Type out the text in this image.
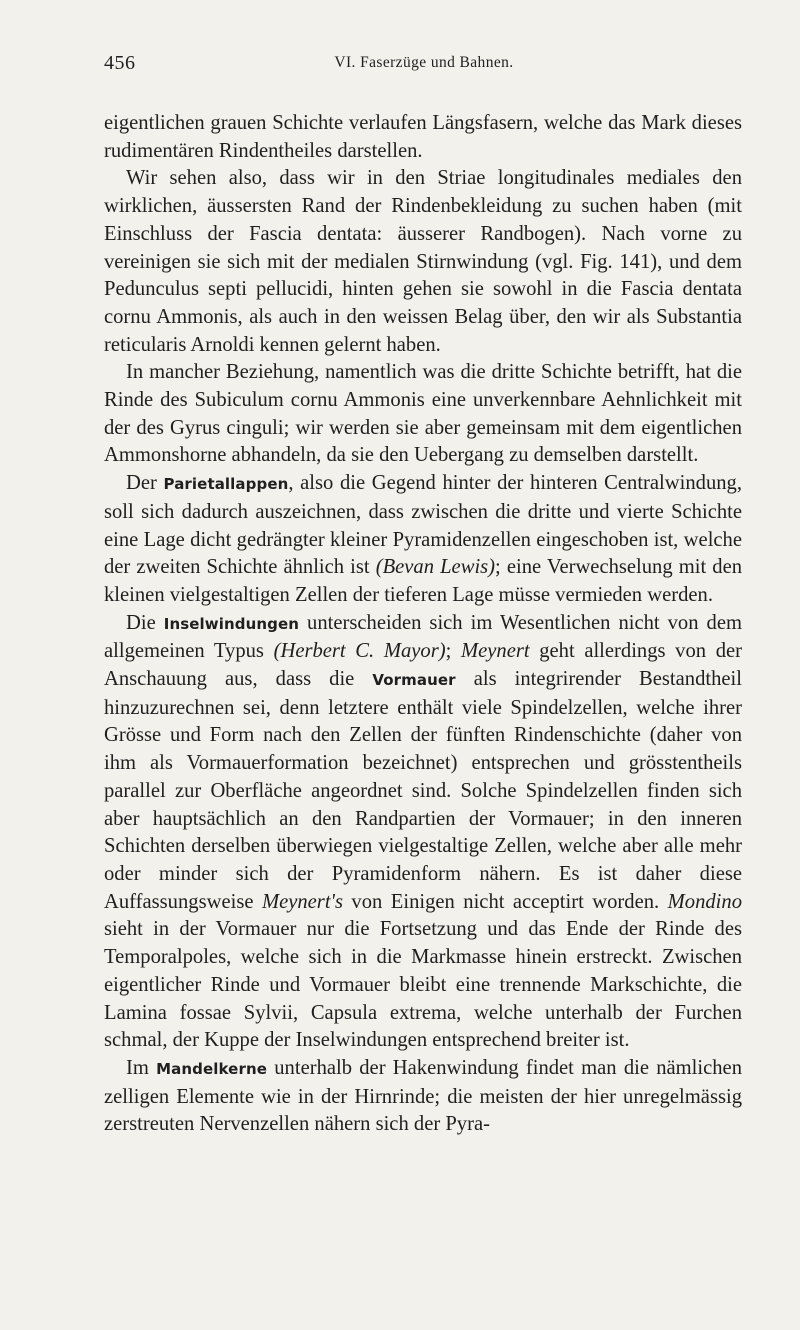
456	VI. Faserzüge und Bahnen.

eigentlichen grauen Schichte verlaufen Längsfasern, welche das Mark dieses rudimentären Rindentheiles darstellen.

Wir sehen also, dass wir in den Striae longitudinales mediales den wirklichen, äussersten Rand der Rindenbekleidung zu suchen haben (mit Einschluss der Fascia dentata: äusserer Randbogen). Nach vorne zu vereinigen sie sich mit der medialen Stirnwindung (vgl. Fig. 141), und dem Pedunculus septi pellucidi, hinten gehen sie sowohl in die Fascia dentata cornu Ammonis, als auch in den weissen Belag über, den wir als Substantia reticularis Arnoldi kennen gelernt haben.

In mancher Beziehung, namentlich was die dritte Schichte betrifft, hat die Rinde des Subiculum cornu Ammonis eine unverkennbare Aehnlichkeit mit der des Gyrus cinguli; wir werden sie aber gemeinsam mit dem eigentlichen Ammonshorne abhandeln, da sie den Uebergang zu demselben darstellt.

Der Parietallappen, also die Gegend hinter der hinteren Centralwindung, soll sich dadurch auszeichnen, dass zwischen die dritte und vierte Schichte eine Lage dicht gedrängter kleiner Pyramidenzellen eingeschoben ist, welche der zweiten Schichte ähnlich ist (Bevan Lewis); eine Verwechselung mit den kleinen vielgestaltigen Zellen der tieferen Lage müsse vermieden werden.

Die Inselwindungen unterscheiden sich im Wesentlichen nicht von dem allgemeinen Typus (Herbert C. Mayor); Meynert geht allerdings von der Anschauung aus, dass die Vormauer als integrirender Bestandtheil hinzuzurechnen sei, denn letztere enthält viele Spindelzellen, welche ihrer Grösse und Form nach den Zellen der fünften Rindenschichte (daher von ihm als Vormauerformation bezeichnet) entsprechen und grösstentheils parallel zur Oberfläche angeordnet sind. Solche Spindelzellen finden sich aber hauptsächlich an den Randpartien der Vormauer; in den inneren Schichten derselben überwiegen vielgestaltige Zellen, welche aber alle mehr oder minder sich der Pyramidenform nähern. Es ist daher diese Auffassungsweise Meynert's von Einigen nicht acceptirt worden. Mondino sieht in der Vormauer nur die Fortsetzung und das Ende der Rinde des Temporalpoles, welche sich in die Markmasse hinein erstreckt. Zwischen eigentlicher Rinde und Vormauer bleibt eine trennende Markschichte, die Lamina fossae Sylvii, Capsula extrema, welche unterhalb der Furchen schmal, der Kuppe der Inselwindungen entsprechend breiter ist.

Im Mandelkerne unterhalb der Hakenwindung findet man die nämlichen zelligen Elemente wie in der Hirnrinde; die meisten der hier unregelmässig zerstreuten Nervenzellen nähern sich der Pyra-
